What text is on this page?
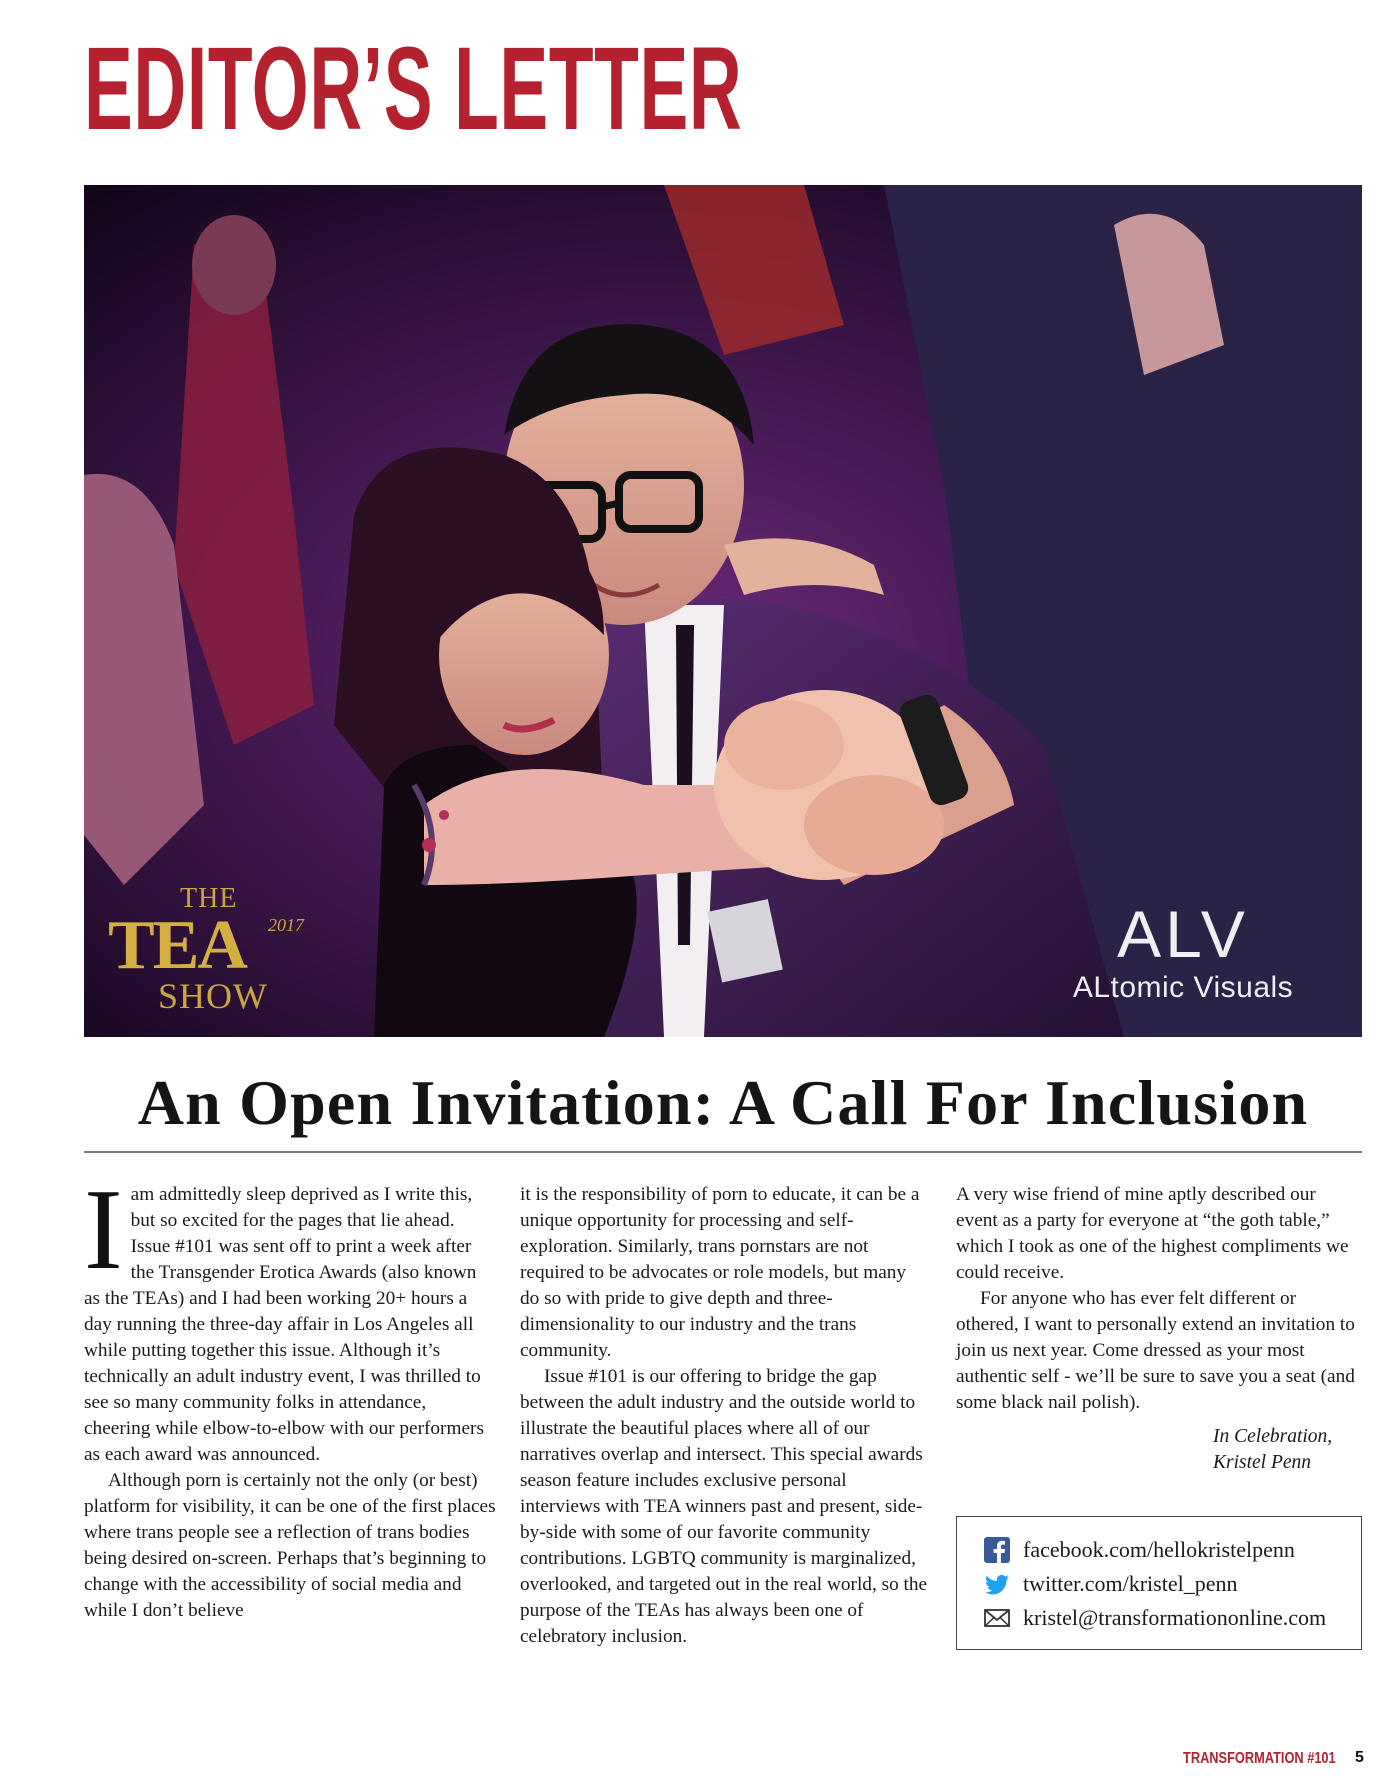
EDITOR’S LETTER
THE
TEA 2017
SHOW
ALV
ALtomic Visuals
An Open Invitation: A Call For Inclusion
I am admittedly sleep deprived as I write this, but so excited for the pages that lie ahead. Issue #101 was sent off to print a week after the Transgender Erotica Awards (also known as the TEAs) and I had been working 20+ hours a day running the three-day affair in Los Angeles all while putting together this issue. Although it’s technically an adult industry event, I was thrilled to see so many community folks in attendance, cheering while elbow-to-elbow with our performers as each award was announced.

Although porn is certainly not the only (or best) platform for visibility, it can be one of the first places where trans people see a reflection of trans bodies being desired on-screen. Perhaps that’s beginning to change with the accessibility of social media and while I don’t believe

it is the responsibility of porn to educate, it can be a unique opportunity for processing and self-exploration. Similarly, trans pornstars are not required to be advocates or role models, but many do so with pride to give depth and three-dimensionality to our industry and the trans community.

Issue #101 is our offering to bridge the gap between the adult industry and the outside world to illustrate the beautiful places where all of our narratives overlap and intersect. This special awards season feature includes exclusive personal interviews with TEA winners past and present, side-by-side with some of our favorite community contributions. LGBTQ community is marginalized, overlooked, and targeted out in the real world, so the purpose of the TEAs has always been one of celebratory inclusion.

A very wise friend of mine aptly described our event as a party for everyone at “the goth table,” which I took as one of the highest compliments we could receive.

For anyone who has ever felt different or othered, I want to personally extend an invitation to join us next year. Come dressed as your most authentic self - we’ll be sure to save you a seat (and some black nail polish).

In Celebration,
Kristel Penn
facebook.com/hellokristelpenn
twitter.com/kristel_penn
kristel@transformationonline.com
TRANSFORMATION #101 5
